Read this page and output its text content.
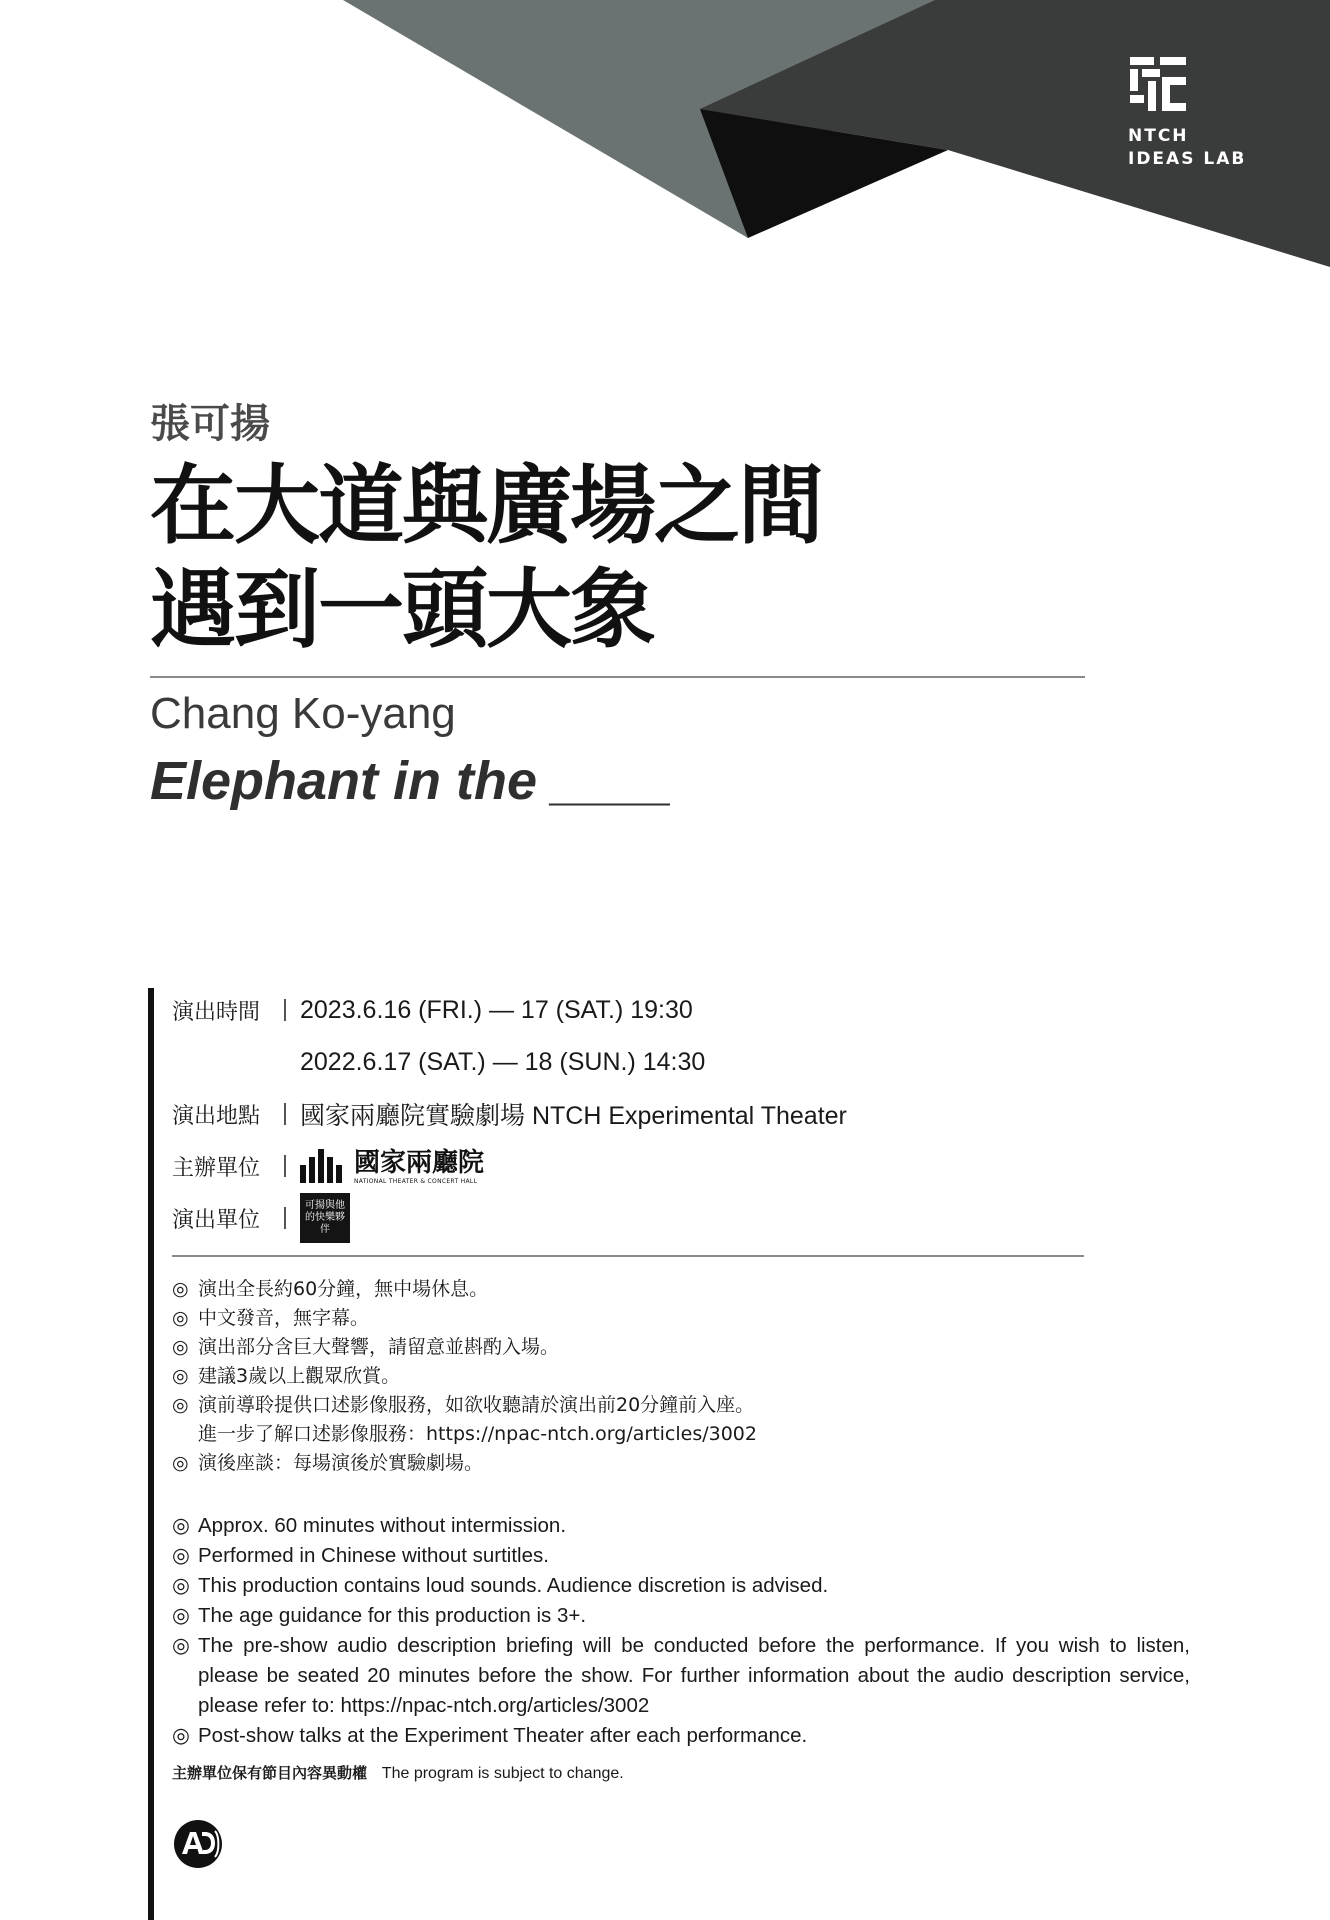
NTCH
IDEAS LAB
張可揚
在大道與廣場之間
遇到一頭大象
Chang Ko-yang
Elephant in the ____
演出時間	2023.6.16 (FRI.) — 17 (SAT.) 19:30
2022.6.17 (SAT.) — 18 (SUN.) 14:30
演出地點	國家兩廳院實驗劇場 NTCH Experimental Theater
主辦單位	國家兩廳院
NATIONAL THEATER & CONCERT HALL
演出單位
可揚與他的快樂夥伴
◎ 演出全長約60分鐘，無中場休息。
◎ 中文發音，無字幕。
◎ 演出部分含巨大聲響，請留意並斟酌入場。
◎ 建議3歲以上觀眾欣賞。
◎ 演前導聆提供口述影像服務，如欲收聽請於演出前20分鐘前入座。
進一步了解口述影像服務：https://npac-ntch.org/articles/3002
◎ 演後座談：每場演後於實驗劇場。
◎ Approx. 60 minutes without intermission.
◎ Performed in Chinese without surtitles.
◎ This production contains loud sounds. Audience discretion is advised.
◎ The age guidance for this production is 3+.
◎ The pre-show audio description briefing will be conducted before the performance. If you wish to listen, please be seated 20 minutes before the show. For further information about the audio description service, please refer to: https://npac-ntch.org/articles/3002
◎ Post-show talks at the Experiment Theater after each performance.
主辦單位保有節目內容異動權 The program is subject to change.
